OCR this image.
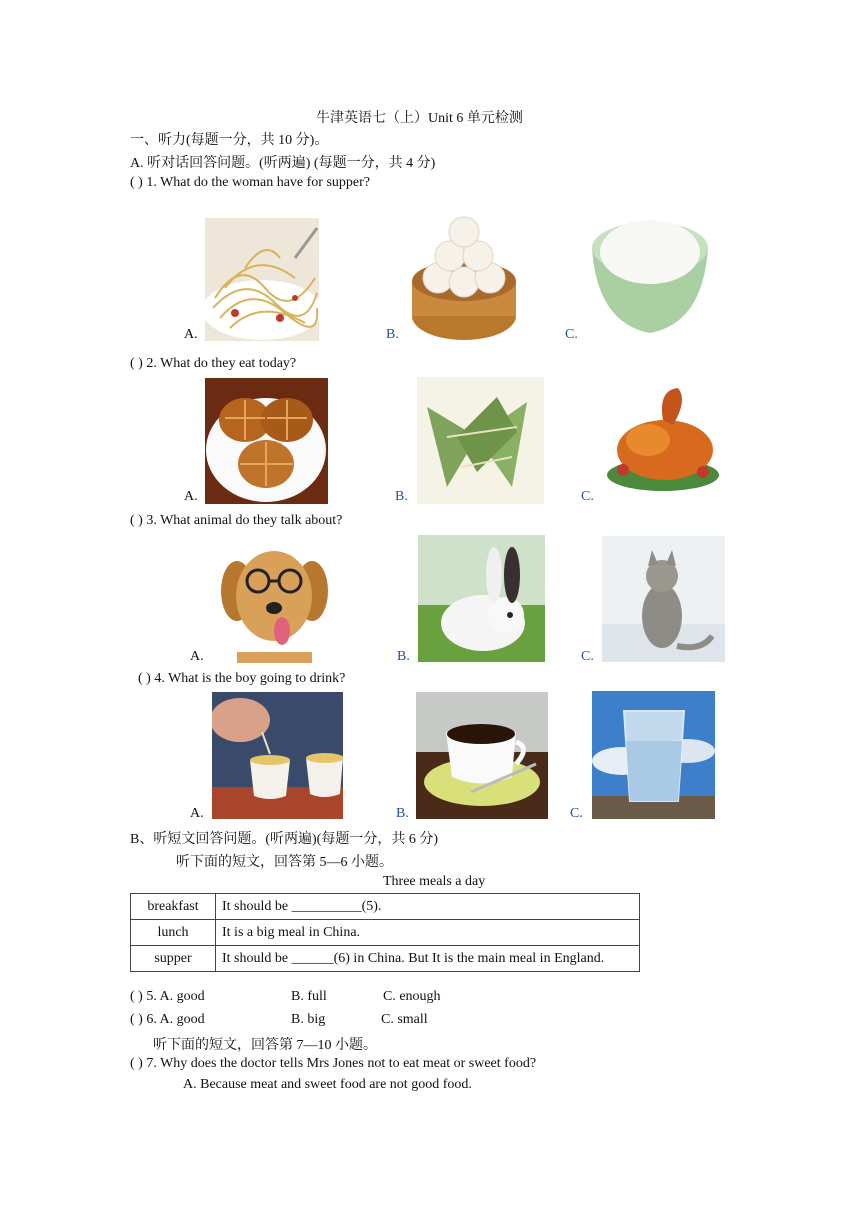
牛津英语七（上）Unit 6 单元检测
一、听力(每题一分，共 10 分)。
A. 听对话回答问题。(听两遍) (每题一分，共 4 分)
( ) 1. What do the woman have for supper?
A.	B.	C.
( ) 2. What do they eat today?
A.	B.	C.
( ) 3. What animal do they talk about?
A.	B.	C.
( ) 4. What is the boy going to drink?
A.	B.	C.
B、听短文回答问题。(听两遍)(每题一分，共 6 分)
听下面的短文，回答第 5—6 小题。
Three meals a day
breakfast	It should be __________(5).
lunch	It is a big meal in China.
supper	It should be ______(6) in China. But It is the main meal in England.
( ) 5. A. good	B. full	C. enough
( ) 6. A. good	B. big	C. small
听下面的短文，回答第 7—10 小题。
( ) 7. Why does the doctor tells Mrs Jones not to eat meat or sweet food?
A. Because meat and sweet food are not good food.
